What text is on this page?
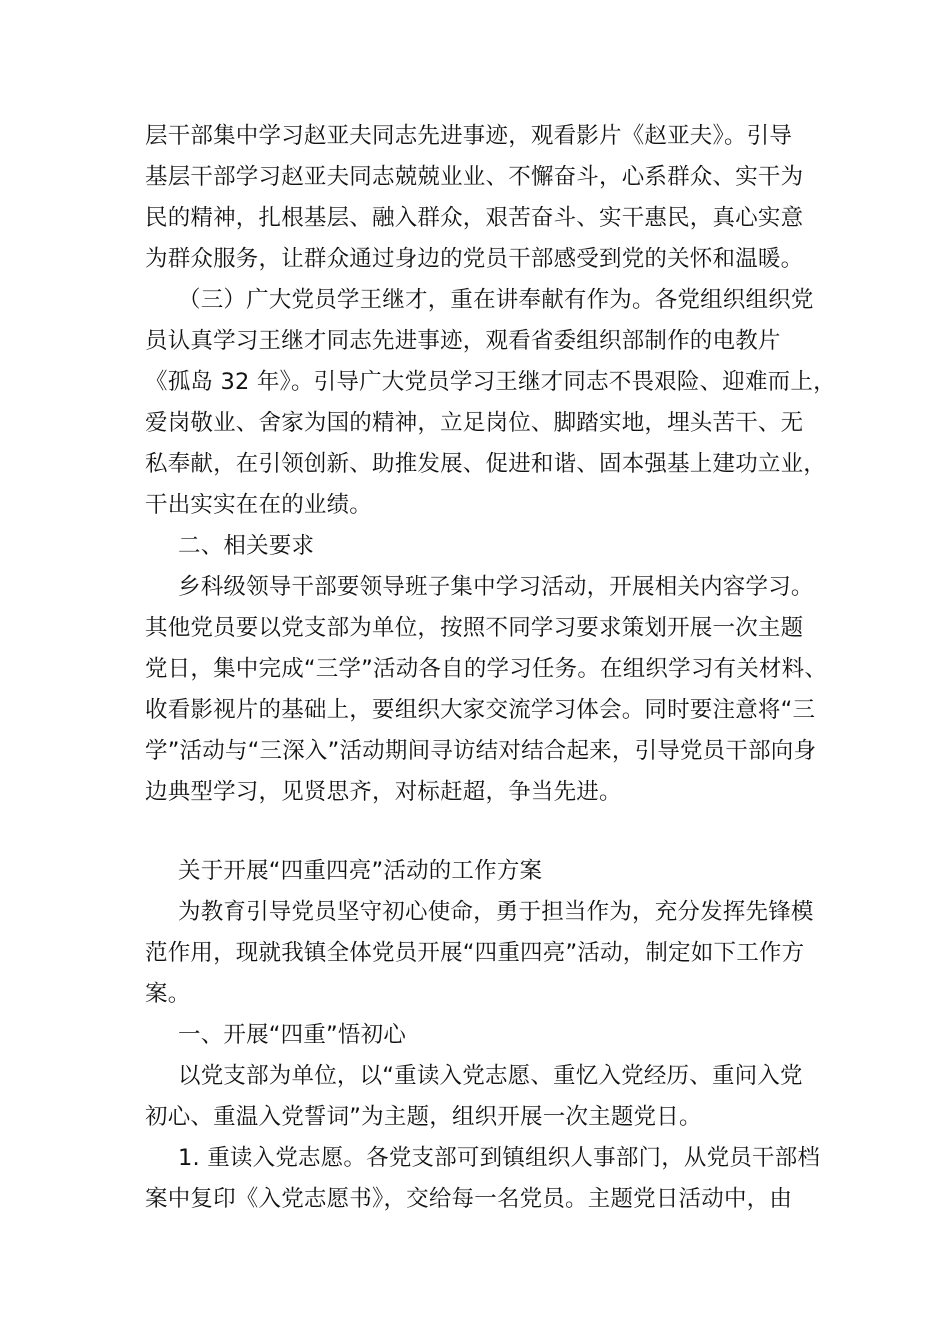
层干部集中学习赵亚夫同志先进事迹，观看影片《赵亚夫》。引导
基层干部学习赵亚夫同志兢兢业业、不懈奋斗，心系群众、实干为
民的精神，扎根基层、融入群众，艰苦奋斗、实干惠民，真心实意
为群众服务，让群众通过身边的党员干部感受到党的关怀和温暖。
（三）广大党员学王继才，重在讲奉献有作为。各党组织组织党
员认真学习王继才同志先进事迹，观看省委组织部制作的电教片
《孤岛 32 年》。引导广大党员学习王继才同志不畏艰险、迎难而上，
爱岗敬业、舍家为国的精神，立足岗位、脚踏实地，埋头苦干、无
私奉献，在引领创新、助推发展、促进和谐、固本强基上建功立业，
干出实实在在的业绩。
二、相关要求
乡科级领导干部要领导班子集中学习活动，开展相关内容学习。
其他党员要以党支部为单位，按照不同学习要求策划开展一次主题
党日，集中完成“三学”活动各自的学习任务。在组织学习有关材料、
收看影视片的基础上，要组织大家交流学习体会。同时要注意将“三
学”活动与“三深入”活动期间寻访结对结合起来，引导党员干部向身
边典型学习，见贤思齐，对标赶超，争当先进。
关于开展“四重四亮”活动的工作方案
为教育引导党员坚守初心使命，勇于担当作为，充分发挥先锋模
范作用，现就我镇全体党员开展“四重四亮”活动，制定如下工作方
案。
一、开展“四重”悟初心
以党支部为单位，以“重读入党志愿、重忆入党经历、重问入党
初心、重温入党誓词”为主题，组织开展一次主题党日。
1. 重读入党志愿。各党支部可到镇组织人事部门，从党员干部档
案中复印《入党志愿书》，交给每一名党员。主题党日活动中，由
